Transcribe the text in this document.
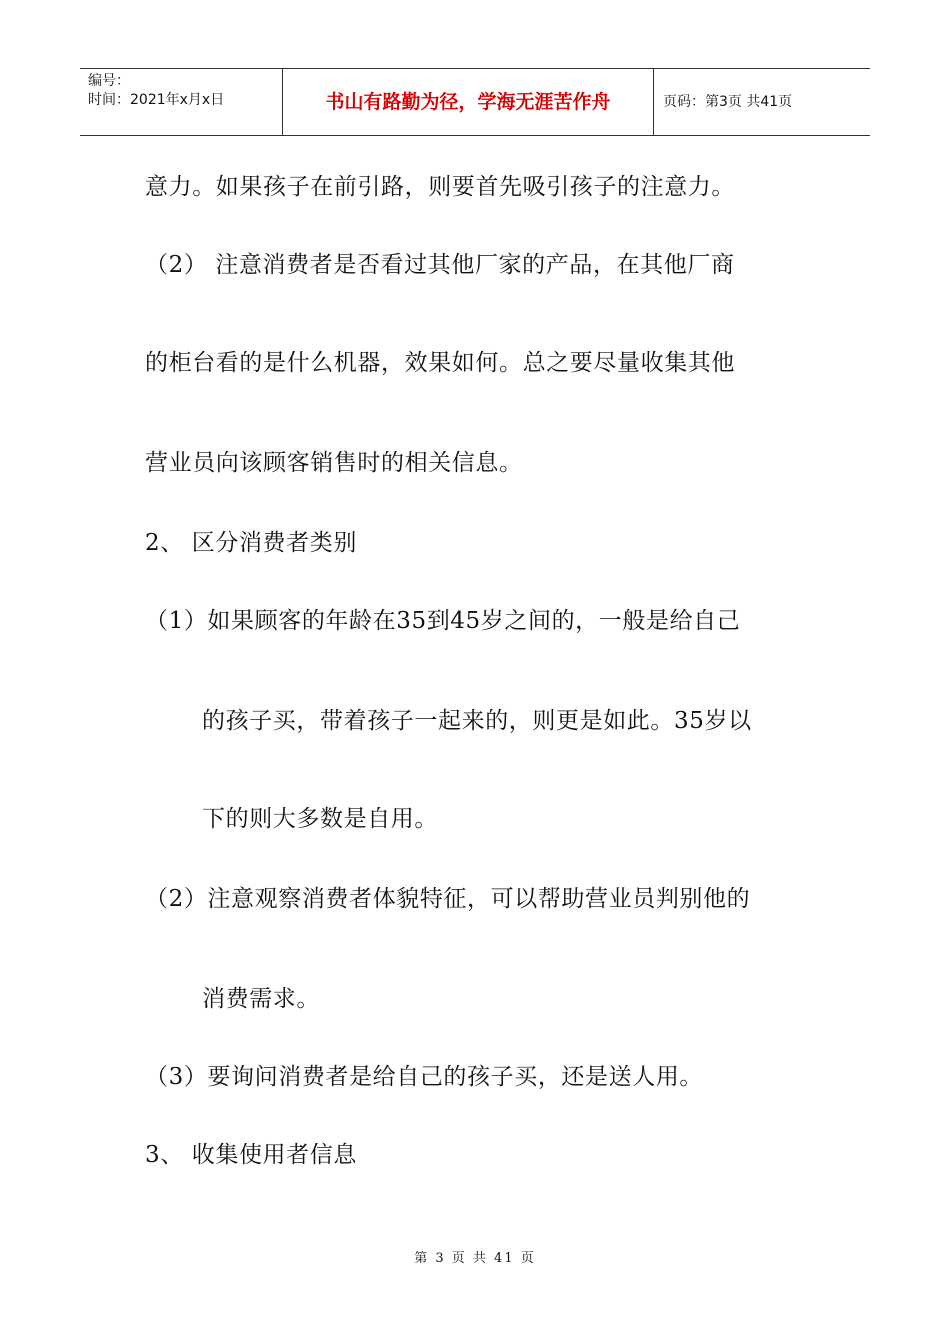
编号：
时间：2021年x月x日	书山有路勤为径，学海无涯苦作舟	页码：第3页 共41页
意力。如果孩子在前引路，则要首先吸引孩子的注意力。
（2） 注意消费者是否看过其他厂家的产品，在其他厂商
的柜台看的是什么机器，效果如何。总之要尽量收集其他
营业员向该顾客销售时的相关信息。
2、 区分消费者类别
（1）如果顾客的年龄在35到45岁之间的，一般是给自己
的孩子买，带着孩子一起来的，则更是如此。35岁以
下的则大多数是自用。
（2）注意观察消费者体貌特征，可以帮助营业员判别他的
消费需求。
（3）要询问消费者是给自己的孩子买，还是送人用。
3、 收集使用者信息
第 3 页 共 41 页
